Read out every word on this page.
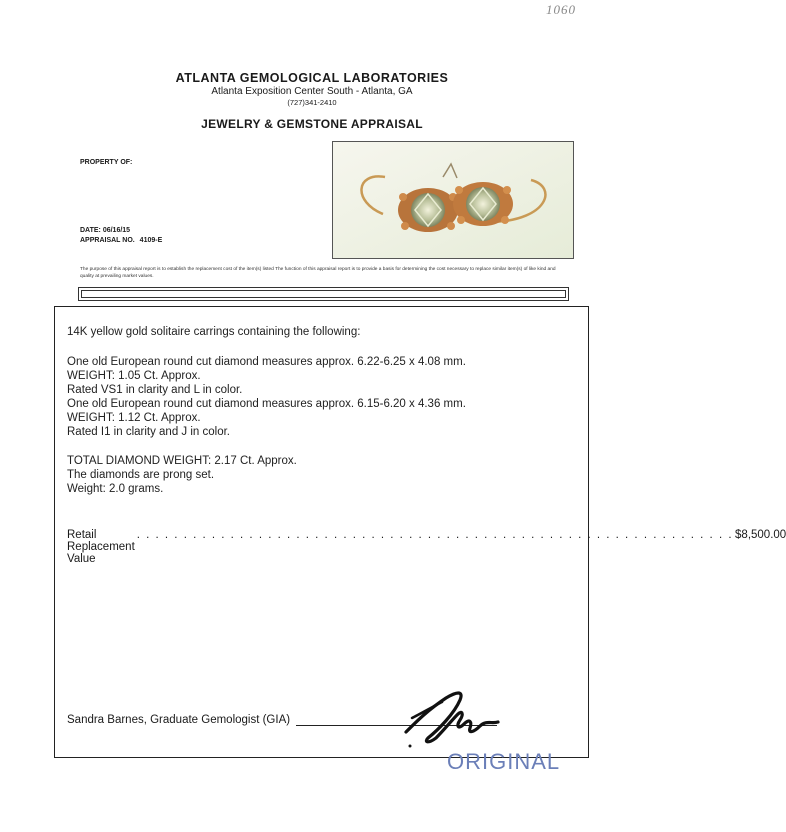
1060
ATLANTA GEMOLOGICAL LABORATORIES
Atlanta Exposition Center South - Atlanta, GA
(727)341-2410
JEWELRY & GEMSTONE APPRAISAL
PROPERTY OF:
DATE: 06/16/15
APPRAISAL NO. 4109-E
The purpose of this appraisal report is to establish the replacement cost of the item(s) listed The function of this appraisal report is to provide a basis for determining the cost necessary to replace similar item(s) of like kind and quality at prevailing market values.
14K yellow gold solitaire carrings containing the following:
One old European round cut diamond measures approx. 6.22-6.25 x 4.08 mm.
WEIGHT: 1.05 Ct. Approx.
Rated VS1 in clarity and L in color.
One old European round cut diamond measures approx. 6.15-6.20 x 4.36 mm.
WEIGHT: 1.12 Ct. Approx.
Rated I1 in clarity and J in color.
TOTAL DIAMOND WEIGHT: 2.17 Ct. Approx.
The diamonds are prong set.
Weight: 2.0 grams.
Retail Replacement Value
. . . . . . . . . . . . . . . . . . . . . . . . . . . . . . . . . . . . . . . . . . . . . . . . . . . . . . . . . . . . . . . . $8,500.00
Sandra Barnes, Graduate Gemologist (GIA)
ORIGINAL
